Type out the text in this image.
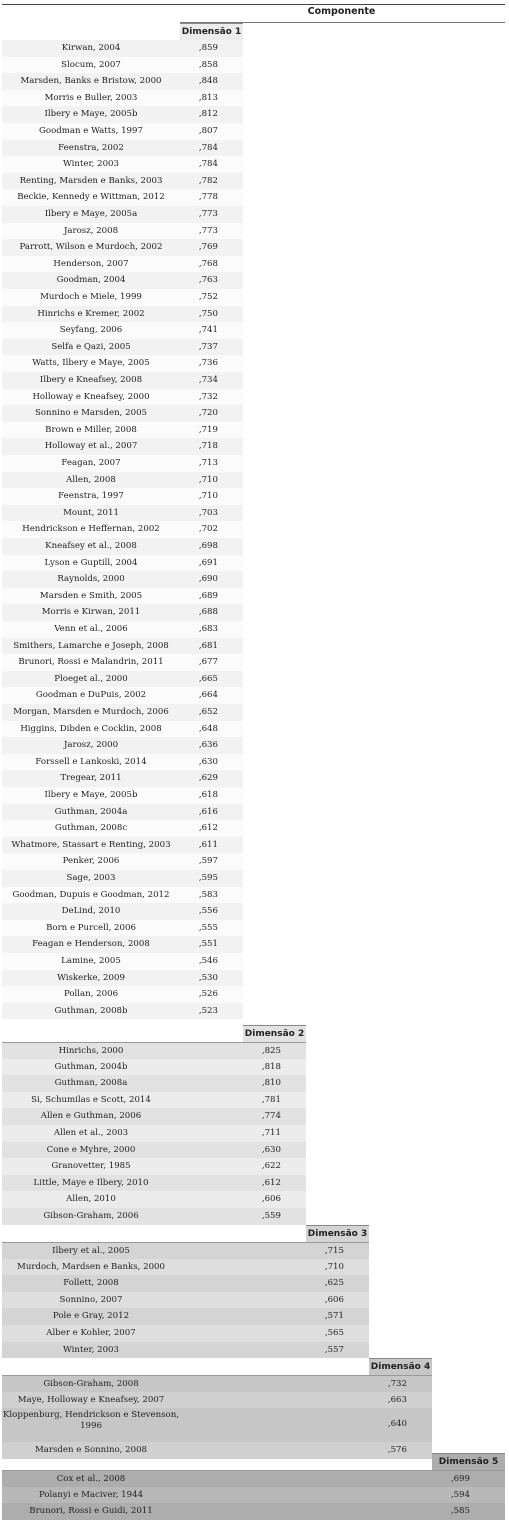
Componente
Dimensão 1
Kirwan, 2004	,859
Slocum, 2007	,858
Marsden, Banks e Bristow, 2000	,848
Morris e Buller, 2003	,813
Ilbery e Maye, 2005b	,812
Goodman e Watts, 1997	,807
Feenstra, 2002	,784
Winter, 2003	,784
Renting, Marsden e Banks, 2003	,782
Beckie, Kennedy e Wittman, 2012	,778
Ilbery e Maye, 2005a	,773
Jarosz, 2008	,773
Parrott, Wilson e Murdoch, 2002	,769
Henderson, 2007	,768
Goodman, 2004	,763
Murdoch e Miele, 1999	,752
Hinrichs e Kremer, 2002	,750
Seyfang, 2006	,741
Selfa e Qazi, 2005	,737
Watts, Ilbery e Maye, 2005	,736
Ilbery e Kneafsey, 2008	,734
Holloway e Kneafsey, 2000	,732
Sonnino e Marsden, 2005	,720
Brown e Miller, 2008	,719
Holloway et al., 2007	,718
Feagan, 2007	,713
Allen, 2008	,710
Feenstra, 1997	,710
Mount, 2011	,703
Hendrickson e Heffernan, 2002	,702
Kneafsey et al., 2008	,698
Lyson e Guptill, 2004	,691
Raynolds, 2000	,690
Marsden e Smith, 2005	,689
Morris e Kirwan, 2011	,688
Venn et al., 2006	,683
Smithers, Lamarche e Joseph, 2008	,681
Brunori, Rossi e Malandrin, 2011	,677
Ploeget al., 2000	,665
Goodman e DuPuis, 2002	,664
Morgan, Marsden e Murdoch, 2006	,652
Higgins, Dibden e Cocklin, 2008	,648
Jarosz, 2000	,636
Forssell e Lankoski, 2014	,630
Tregear, 2011	,629
Ilbery e Maye, 2005b	,618
Guthman, 2004a	,616
Guthman, 2008c	,612
Whatmore, Stassart e Renting, 2003	,611
Penker, 2006	,597
Sage, 2003	,595
Goodman, Dupuis e Goodman, 2012	,583
DeLind, 2010	,556
Born e Purcell, 2006	,555
Feagan e Henderson, 2008	,551
Lamine, 2005	,546
Wiskerke, 2009	,530
Pollan, 2006	,526
Guthman, 2008b	,523
Dimensão 2
Hinrichs, 2000	,825
Guthman, 2004b	,818
Guthman, 2008a	,810
Si, Schumilas e Scott, 2014	,781
Allen e Guthman, 2006	,774
Allen et al., 2003	,711
Cone e Myhre, 2000	,630
Granovetter, 1985	,622
Little, Maye e Ilbery, 2010	,612
Allen, 2010	,606
Gibson-Graham, 2006	,559
Dimensão 3
Ilbery et al., 2005	,715
Murdoch, Mardsen e Banks, 2000	,710
Follett, 2008	,625
Sonnino, 2007	,606
Pole e Gray, 2012	,571
Alber e Kohler, 2007	,565
Winter, 2003	,557
Dimensão 4
Gibson-Graham, 2008	,732
Maye, Holloway e Kneafsey, 2007	,663
Kloppenburg, Hendrickson e Stevenson, 1996	,640
Marsden e Sonnino, 2008	,576
Dimensão 5
Cox et al., 2008	,699
Polanyi e Maciver, 1944	,594
Brunori, Rossi e Guidi, 2011	,585
